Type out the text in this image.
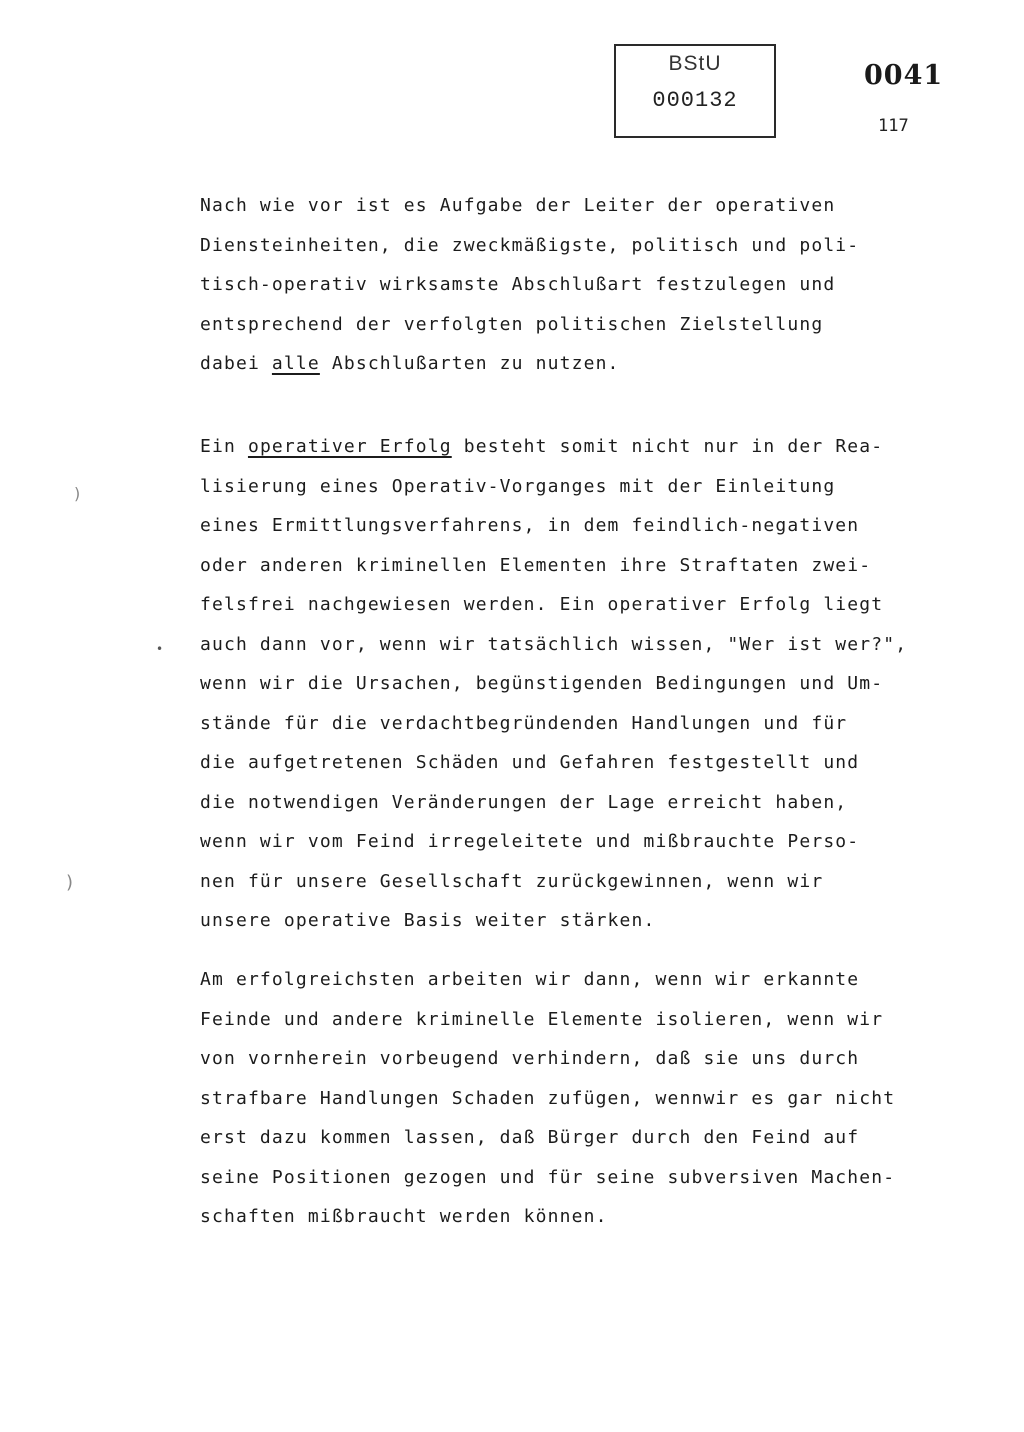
BStU
000132
0041
117
Nach wie vor ist es Aufgabe der Leiter der operativen
Diensteinheiten, die zweckmäßigste, politisch und poli-
tisch-operativ wirksamste Abschlußart festzulegen und
entsprechend der verfolgten politischen Zielstellung
dabei alle Abschlußarten zu nutzen.
Ein operativer Erfolg besteht somit nicht nur in der Rea-
lisierung eines Operativ-Vorganges mit der Einleitung
eines Ermittlungsverfahrens, in dem feindlich-negativen
oder anderen kriminellen Elementen ihre Straftaten zwei-
felsfrei nachgewiesen werden. Ein operativer Erfolg liegt
auch dann vor, wenn wir tatsächlich wissen, "Wer ist wer?",
wenn wir die Ursachen, begünstigenden Bedingungen und Um-
stände für die verdachtbegründenden Handlungen und für
die aufgetretenen Schäden und Gefahren festgestellt und
die notwendigen Veränderungen der Lage erreicht haben,
wenn wir vom Feind irregeleitete und mißbrauchte Perso-
nen für unsere Gesellschaft zurückgewinnen, wenn wir
unsere operative Basis weiter stärken.
Am erfolgreichsten arbeiten wir dann, wenn wir erkannte
Feinde und andere kriminelle Elemente isolieren, wenn wir
von vornherein vorbeugend verhindern, daß sie uns durch
strafbare Handlungen Schaden zufügen, wennwir es gar nicht
erst dazu kommen lassen, daß Bürger durch den Feind auf
seine Positionen gezogen und für seine subversiven Machen-
schaften mißbraucht werden können.
)
•
)
